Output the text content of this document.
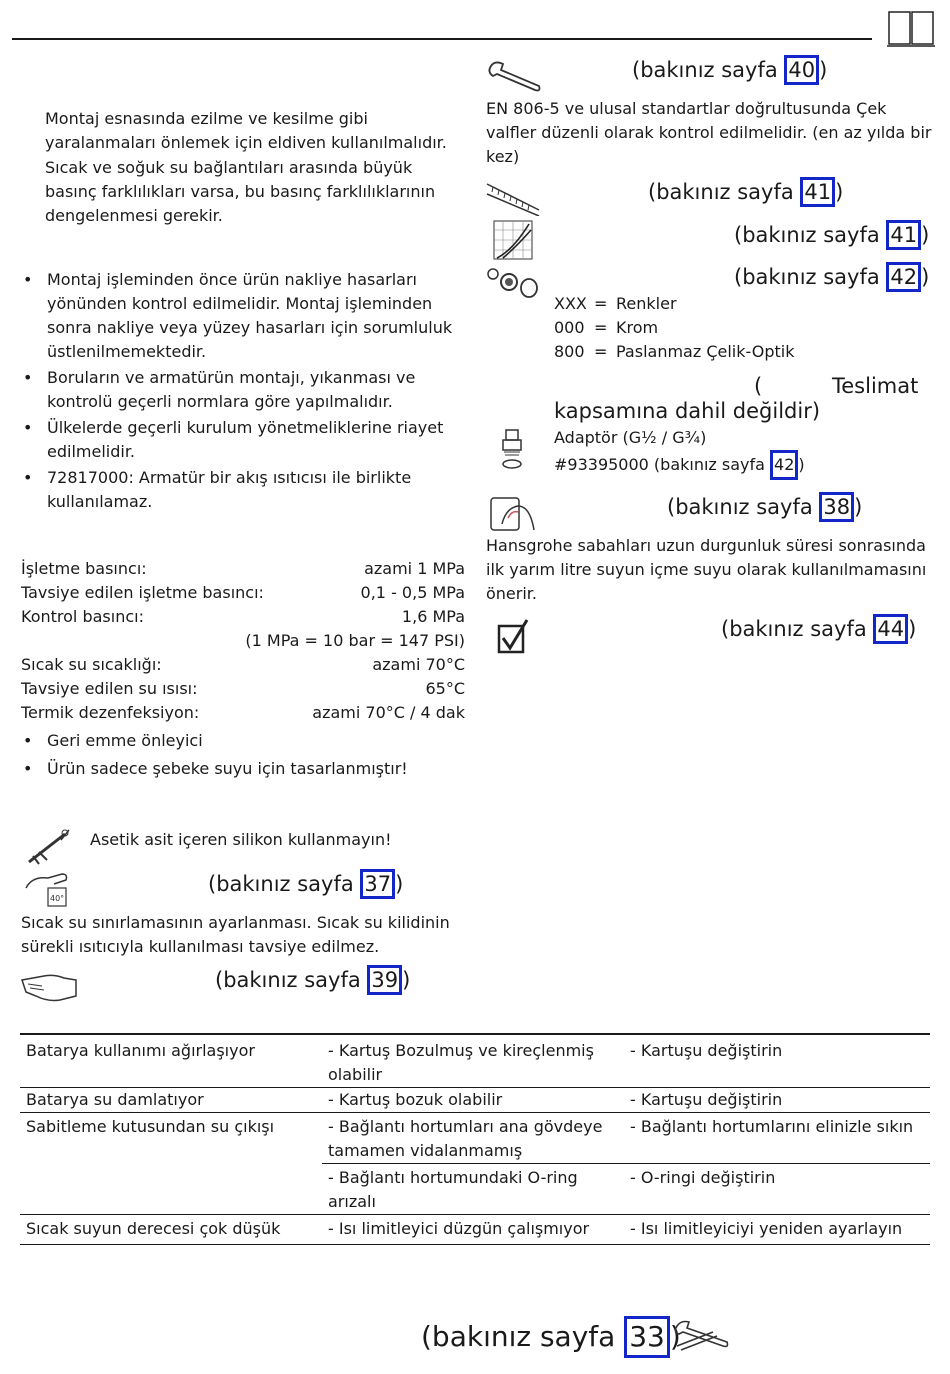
Montaj esnasında ezilme ve kesilme gibi yaralanmaları önlemek için eldiven kullanılmalıdır.
Sıcak ve soğuk su bağlantıları arasında büyük basınç farklılıkları varsa, bu basınç farklılıklarının dengelenmesi gerekir.
• Montaj işleminden önce ürün nakliye hasarları yönünden kontrol edilmelidir. Montaj işleminden sonra nakliye veya yüzey hasarları için sorumluluk üstlenilmemektedir.
• Boruların ve armatürün montajı, yıkanması ve kontrolü geçerli normlara göre yapılmalıdır.
• Ülkelerde geçerli kurulum yönetmeliklerine riayet edilmelidir.
• 72817000: Armatür bir akış ısıtıcısı ile birlikte kullanılamaz.
İşletme basıncı:	azami 1 MPa
Tavsiye edilen işletme basıncı:	0,1 - 0,5 MPa
Kontrol basıncı:	1,6 MPa
(1 MPa = 10 bar = 147 PSI)
Sıcak su sıcaklığı:	azami 70°C
Tavsiye edilen su ısısı:	65°C
Termik dezenfeksiyon:	azami 70°C / 4 dak
• Geri emme önleyici
• Ürün sadece şebeke suyu için tasarlanmıştır!
Asetik asit içeren silikon kullanmayın!
40°
(bakınız sayfa 37 )
Sıcak su sınırlamasının ayarlanması. Sıcak su kilidinin sürekli ısıtıcıyla kullanılması tavsiye edilmez.
(bakınız sayfa 39 )
(bakınız sayfa 40 )
EN 806-5 ve ulusal standartlar doğrultusunda Çek valfler düzenli olarak kontrol edilmelidir. (en az yılda bir kez)
(bakınız sayfa 41 )
(bakınız sayfa 41 )
(bakınız sayfa 42 )
XXX = Renkler
000 = Krom
800 = Paslanmaz Çelik-Optik
(	Teslimat
kapsamına dahil değildir)
Adaptör (G½ / G¾)
#93395000 (bakınız sayfa 42 )
(bakınız sayfa 38 )
Hansgrohe sabahları uzun durgunluk süresi sonrasında ilk yarım litre suyun içme suyu olarak kullanılmamasını önerir.
(bakınız sayfa 44 )
Batarya kullanımı ağırlaşıyor	- Kartuş Bozulmuş ve kireçlenmiş olabilir	- Kartuşu değiştirin
Batarya su damlatıyor	- Kartuş bozuk olabilir	- Kartuşu değiştirin
Sabitleme kutusundan su çıkışı	- Bağlantı hortumları ana gövdeye tamamen vidalanmamış	- Bağlantı hortumlarını elinizle sıkın
	- Bağlantı hortumundaki O-ring arızalı	- O-ringi değiştirin
Sıcak suyun derecesi çok düşük	- Isı limitleyici düzgün çalışmıyor	- Isı limitleyiciyi yeniden ayarlayın
(bakınız sayfa 33 )
